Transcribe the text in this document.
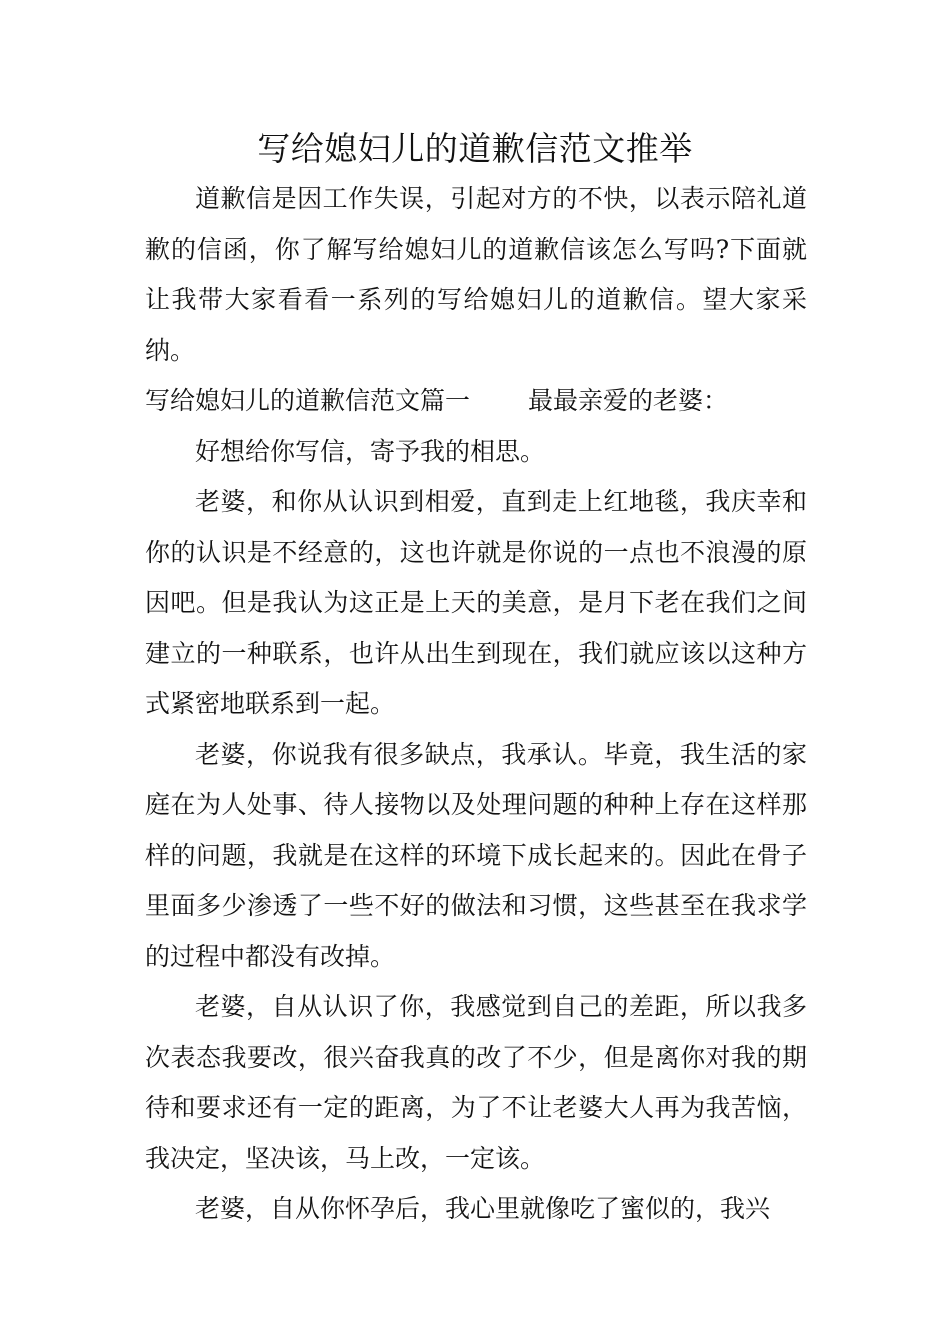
写给媳妇儿的道歉信范文推举

道歉信是因工作失误，引起对方的不快，以表示陪礼道歉的信函，你了解写给媳妇儿的道歉信该怎么写吗?下面就让我带大家看看一系列的写给媳妇儿的道歉信。望大家采纳。

写给媳妇儿的道歉信范文篇一 最最亲爱的老婆：

好想给你写信，寄予我的相思。

老婆，和你从认识到相爱，直到走上红地毯，我庆幸和你的认识是不经意的，这也许就是你说的一点也不浪漫的原因吧。但是我认为这正是上天的美意，是月下老在我们之间建立的一种联系，也许从出生到现在，我们就应该以这种方式紧密地联系到一起。

老婆，你说我有很多缺点，我承认。毕竟，我生活的家庭在为人处事、待人接物以及处理问题的种种上存在这样那样的问题，我就是在这样的环境下成长起来的。因此在骨子里面多少渗透了一些不好的做法和习惯，这些甚至在我求学的过程中都没有改掉。

老婆，自从认识了你，我感觉到自己的差距，所以我多次表态我要改，很兴奋我真的改了不少，但是离你对我的期待和要求还有一定的距离，为了不让老婆大人再为我苦恼，我决定，坚决该，马上改，一定该。

老婆，自从你怀孕后，我心里就像吃了蜜似的，我兴
